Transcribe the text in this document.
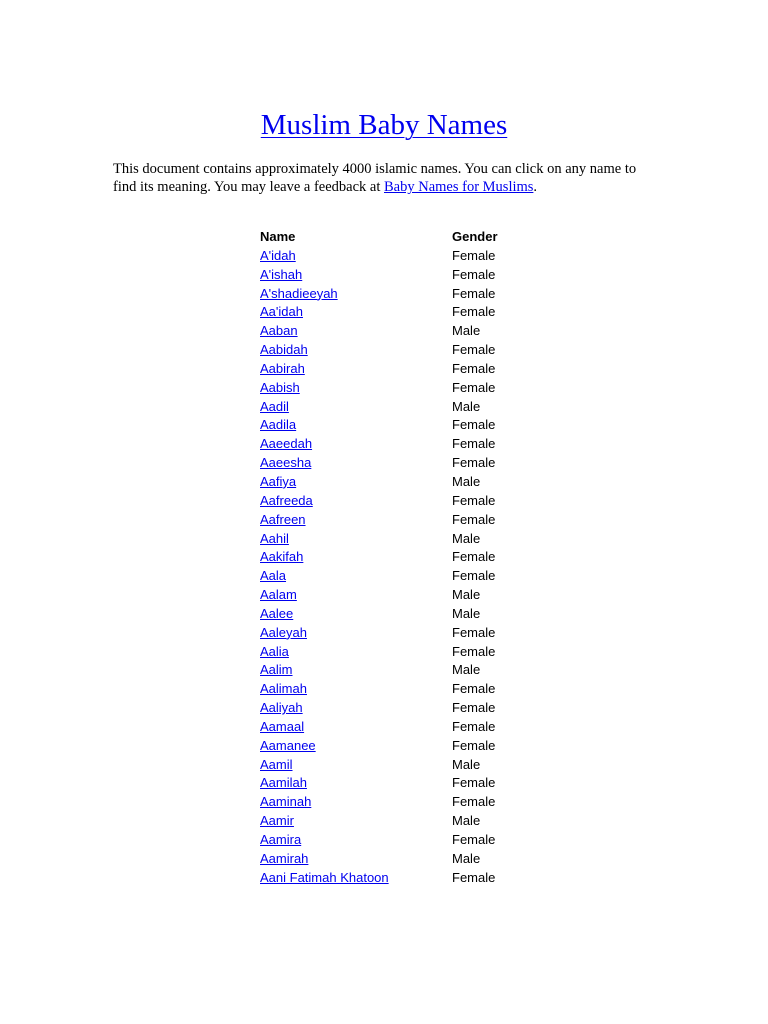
Muslim Baby Names
This document contains approximately 4000 islamic names. You can click on any name to find its meaning. You may leave a feedback at Baby Names for Muslims.
Name	Gender
A'idah	Female
A'ishah	Female
A'shadieeyah	Female
Aa'idah	Female
Aaban	Male
Aabidah	Female
Aabirah	Female
Aabish	Female
Aadil	Male
Aadila	Female
Aaeedah	Female
Aaeesha	Female
Aafiya	Male
Aafreeda	Female
Aafreen	Female
Aahil	Male
Aakifah	Female
Aala	Female
Aalam	Male
Aalee	Male
Aaleyah	Female
Aalia	Female
Aalim	Male
Aalimah	Female
Aaliyah	Female
Aamaal	Female
Aamanee	Female
Aamil	Male
Aamilah	Female
Aaminah	Female
Aamir	Male
Aamira	Female
Aamirah	Male
Aani Fatimah Khatoon	Female
